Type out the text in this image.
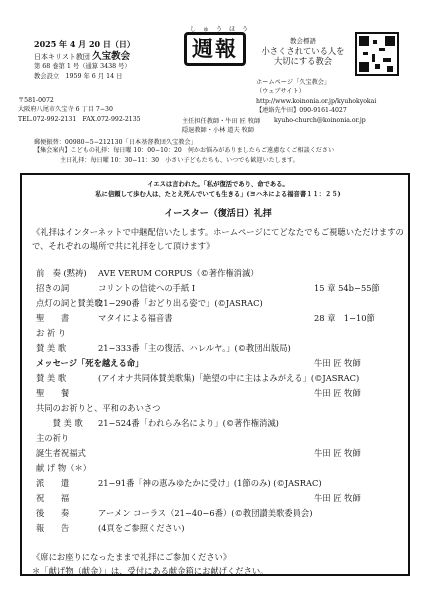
2025 年 4 月 20 日（日）
日本キリスト教団 久宝教会
第 68 巻第 1 号（通算 3438 号）
教会設立　1959 年 6 月 14 日
しゅうほう
週報	教会標語
小さくされている人を
大切にする教会
〒581-0072
大阪府八尾市久宝寺 6 丁目 7−30
TEL.072-992-2131　FAX.072-992-2135	主任担任教師・牛田 匠 牧師
隠退教師・小林 道夫 牧師
ホームページ「久宝教会」
（ウェブサイト）
http://www.koinonia.or.jp/kyuhokyokai
【連絡先牛田】090-9161-4027
kyuho-church@koinonia.or.jp
郵便振替：00980−5−212130「日本基督教団久宝教会」
【集会案内】こどもの礼拝：毎日曜 10：00−10：20　何かお悩みがありましたらご遠慮なくご相談ください
主日礼拝：毎日曜 10：30−11：30　小さい子どもたちも、いつでも歓迎いたします。
イエスは言われた。「私が復活であり、命である。
私に信頼して歩む人は、たとえ死んでいても生きる」(ヨハネによる福音書１１：２５)
イースター（復活日）礼拝
《礼拝はインターネットで中継配信いたします。ホームページにてどなたでもご視聴いただけますので、それぞれの場所で共に礼拝をして頂けます》
前　奏 (黙祷) AVE VERUM CORPUS（©著作権消滅）
招きの詞	コリントの信徒への手紙 I	15 章 54b−55節
点灯の詞と賛美歌
21−290番「おどり出る姿で」(©JASRAC)
聖　　書	マタイによる福音書	28 章　1−10節
お 祈 り
賛 美 歌	21−333番「主の復活、ハレルヤ。」(©教団出版局)
メッセージ「死を越える命」	牛田 匠 牧師
賛 美 歌	(アイオナ共同体賛美歌集)「絶望の中に主はよみがえる」(©JASRAC)
聖　　餐	牛田 匠 牧師
共同のお祈りと、平和のあいさつ
　　賛 美 歌 21−524番「われらみ名により」(©著作権消滅)
主の祈り
誕生者祝福式	牛田 匠 牧師
献 げ 物（＊）
派　　遣	21−91番「神の恵みゆたかに受け」(1節のみ) (©JASRAC)
祝　　福	牛田 匠 牧師
後　　奏	アーメン コーラス（21−40−6番）(©教団讃美歌委員会)
報　　告	(4頁をご参照ください)
《席にお座りになったままで礼拝にご参加ください》
＊「献げ物（献金）」は、受付にある献金箱にお献げください。
